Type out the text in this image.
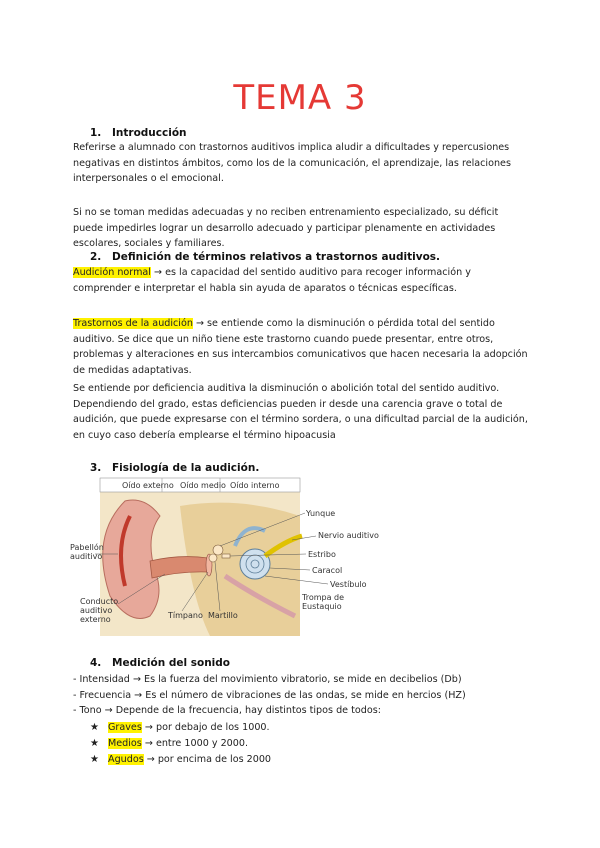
TEMA 3
1. Introducción
Referirse a alumnado con trastornos auditivos implica aludir a dificultades y repercusiones negativas en distintos ámbitos, como los de la comunicación, el aprendizaje, las relaciones interpersonales o el emocional.
Si no se toman medidas adecuadas y no reciben entrenamiento especializado, su déficit puede impedirles lograr un desarrollo adecuado y participar plenamente en actividades escolares, sociales y familiares.
2. Definición de términos relativos a trastornos auditivos.
Audición normal → es la capacidad del sentido auditivo para recoger información y comprender e interpretar el habla sin ayuda de aparatos o técnicas específicas.
Trastornos de la audición → se entiende como la disminución o pérdida total del sentido auditivo. Se dice que un niño tiene este trastorno cuando puede presentar, entre otros, problemas y alteraciones en sus intercambios comunicativos que hacen necesaria la adopción de medidas adaptativas.
Se entiende por deficiencia auditiva la disminución o abolición total del sentido auditivo. Dependiendo del grado, estas deficiencias pueden ir desde una carencia grave o total de audición, que puede expresarse con el término sordera, o una dificultad parcial de la audición, en cuyo caso debería emplearse el término hipoacusia
3. Fisiología de la audición.
Oído externo Oído medio Oído interno
Yunque
Nervio auditivo
Estribo
Caracol
Vestíbulo
Trompa de
Eustaquio
Pabellón
auditivo
Conducto
auditivo
externo	Tímpano Martillo
4. Medición del sonido
- Intensidad → Es la fuerza del movimiento vibratorio, se mide en decibelios (Db)
- Frecuencia → Es el número de vibraciones de las ondas, se mide en hercios (HZ)
- Tono → Depende de la frecuencia, hay distintos tipos de todos:
★ Graves → por debajo de los 1000.
★ Medios → entre 1000 y 2000.
★ Agudos → por encima de los 2000
